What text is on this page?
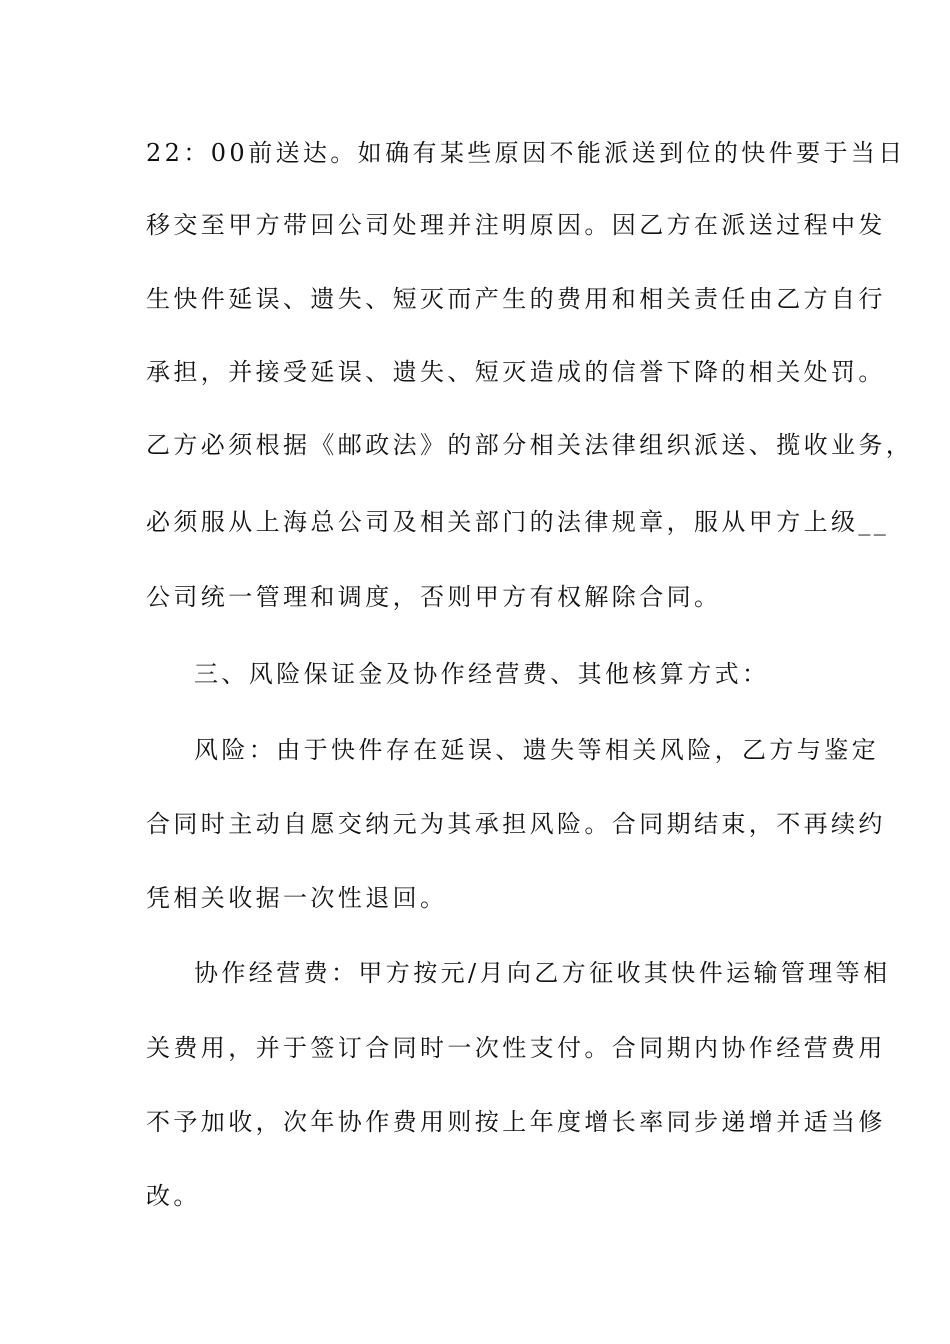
22：00前送达。如确有某些原因不能派送到位的快件要于当日
移交至甲方带回公司处理并注明原因。因乙方在派送过程中发
生快件延误、遗失、短灭而产生的费用和相关责任由乙方自行
承担，并接受延误、遗失、短灭造成的信誉下降的相关处罚。
乙方必须根据《邮政法》的部分相关法律组织派送、揽收业务，
必须服从上海总公司及相关部门的法律规章，服从甲方上级__
公司统一管理和调度，否则甲方有权解除合同。
三、风险保证金及协作经营费、其他核算方式：
风险：由于快件存在延误、遗失等相关风险，乙方与鉴定
合同时主动自愿交纳元为其承担风险。合同期结束，不再续约
凭相关收据一次性退回。
协作经营费：甲方按元/月向乙方征收其快件运输管理等相
关费用，并于签订合同时一次性支付。合同期内协作经营费用
不予加收，次年协作费用则按上年度增长率同步递增并适当修
改。
